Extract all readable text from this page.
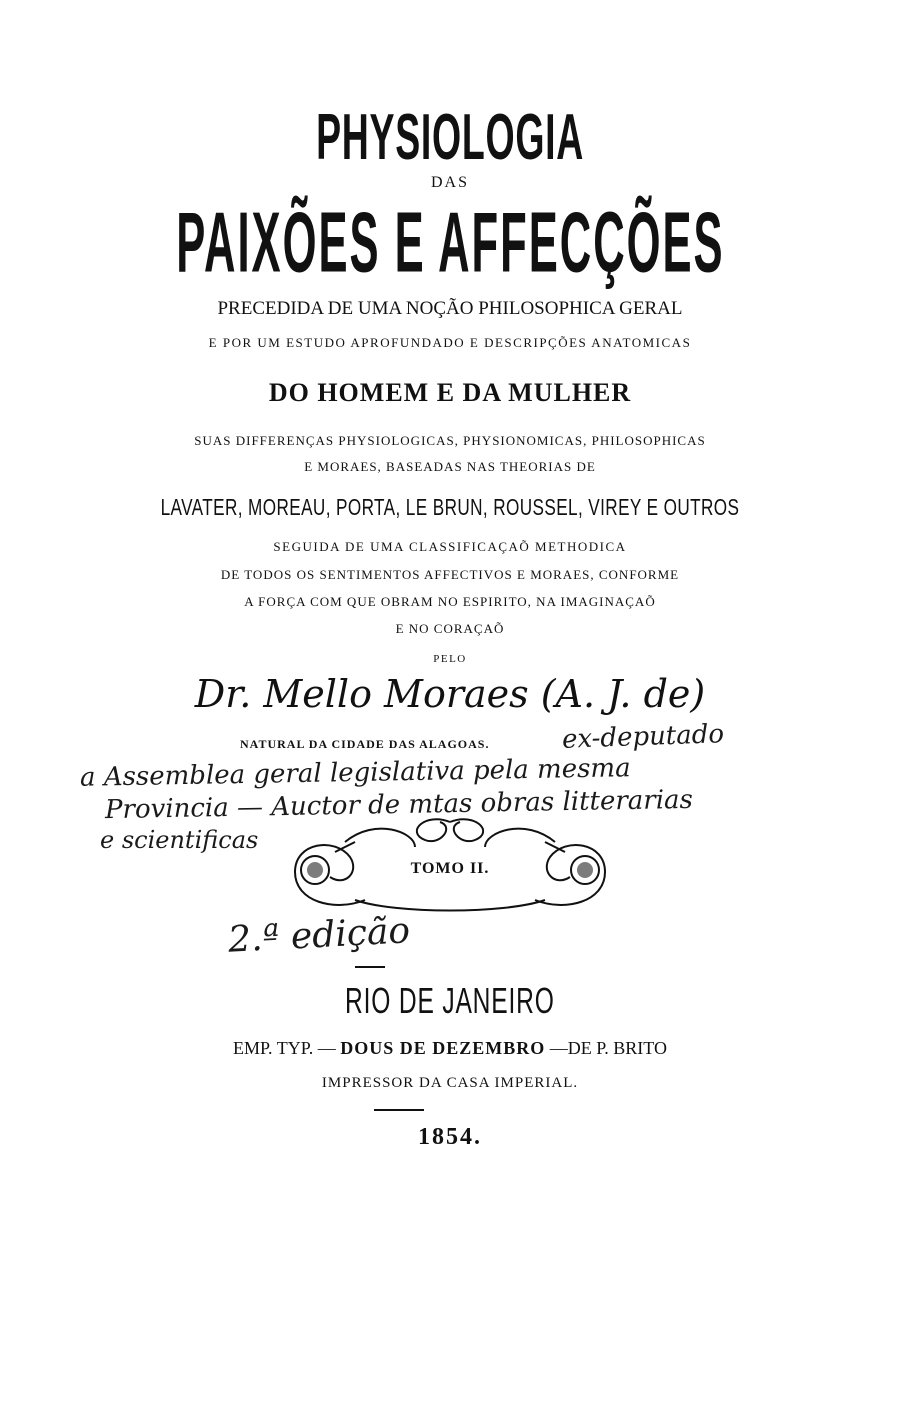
PHYSIOLOGIA
DAS
PAIXÕES E AFFECÇÕES
PRECEDIDA DE UMA NOÇÃO PHILOSOPHICA GERAL
E POR UM ESTUDO APROFUNDADO E DESCRIPÇÕES ANATOMICAS
DO HOMEM E DA MULHER
SUAS DIFFERENÇAS PHYSIOLOGICAS, PHYSIONOMICAS, PHILOSOPHICAS
E MORAES, BASEADAS NAS THEORIAS DE
LAVATER, MOREAU, PORTA, LE BRUN, ROUSSEL, VIREY E OUTROS
SEGUIDA DE UMA CLASSIFICAÇAÕ METHODICA
DE TODOS OS SENTIMENTOS AFFECTIVOS E MORAES, CONFORME
A FORÇA COM QUE OBRAM NO ESPIRITO, NA IMAGINAÇAÕ
E NO CORAÇAÕ
PELO
Dr. Mello Moraes (A. J. de)
NATURAL DA CIDADE DAS ALAGOAS.	ex-deputado
a Assemblea geral legislativa pela mesma
Provincia — Auctor de mtas obras litterarias
e scientificas
TOMO II.
2.ª edição
RIO DE JANEIRO
EMP. TYP. — DOUS DE DEZEMBRO —DE P. BRITO
IMPRESSOR DA CASA IMPERIAL.
1854.
